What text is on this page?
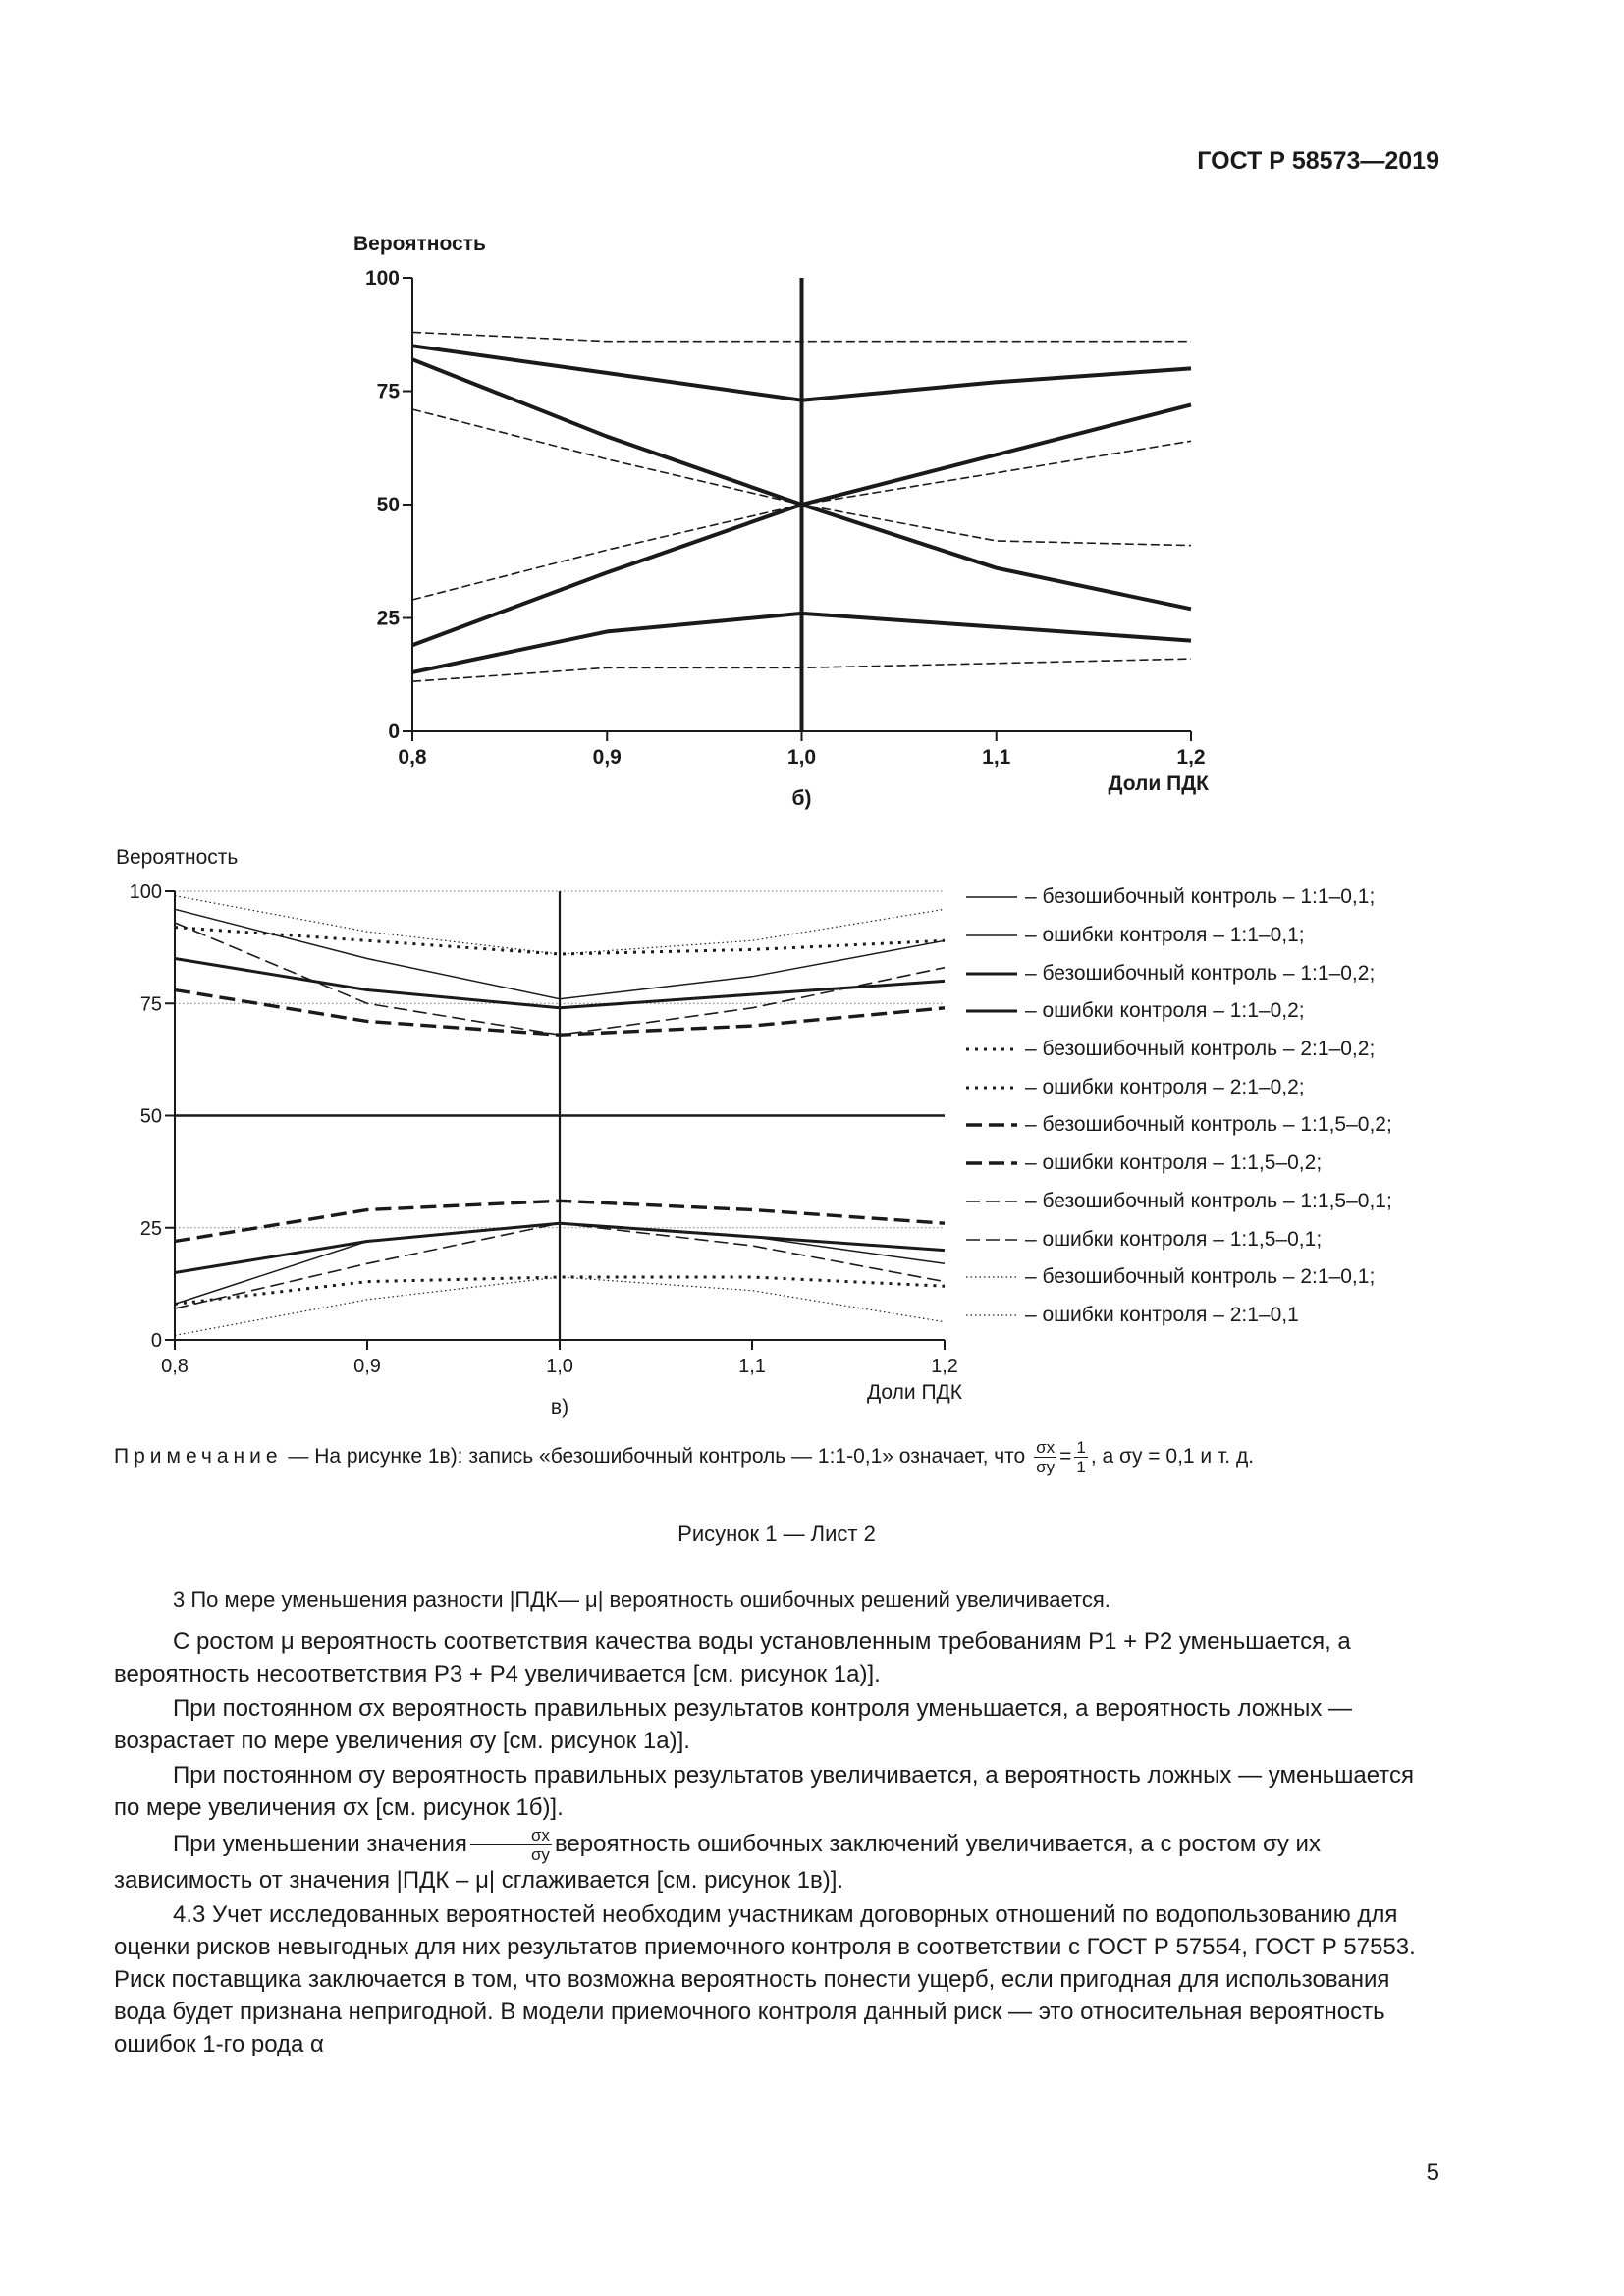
ГОСТ Р 58573—2019
0
25
50
75
100
0,8	0,9	1,0	1,1	1,2
Вероятность
Доли ПДК
б)
0
25
50
75
100
0,8	0,9	1,0	1,1	1,2
Вероятность
Доли ПДК
в)
– безошибочный контроль – 1:1–0,1;
– ошибки контроля – 1:1–0,1;
– безошибочный контроль – 1:1–0,2;
– ошибки контроля – 1:1–0,2;
– безошибочный контроль – 2:1–0,2;
– ошибки контроля – 2:1–0,2;
– безошибочный контроль – 1:1,5–0,2;
– ошибки контроля – 1:1,5–0,2;
– безошибочный контроль – 1:1,5–0,1;
– ошибки контроля – 1:1,5–0,1;
– безошибочный контроль – 2:1–0,1;
– ошибки контроля – 2:1–0,1
Примечание — На рисунке 1в): запись «безошибочный контроль — 1:1-0,1» означает, что $\frac{\sigma x}{\sigma y} = \frac{1}{1}$ , а σy = 0,1 и т. д.
Рисунок 1 — Лист 2

3 По мере уменьшения разности |ПДК— μ| вероятность ошибочных решений увеличивается.

С ростом μ вероятность соответствия качества воды установленным требованиям P1 + P2 уменьшается, а вероятность несоответствия P3 + P4 увеличивается [см. рисунок 1а)].

При постоянном σx вероятность правильных результатов контроля уменьшается, а вероятность ложных — возрастает по мере увеличения σy [см. рисунок 1а)].

При постоянном σy вероятность правильных результатов увеличивается, а вероятность ложных — уменьшается по мере увеличения σx [см. рисунок 1б)].

При уменьшении значения $\frac{\sigma x}{\sigma y}$ вероятность ошибочных заключений увеличивается, а с ростом σy их зависимость от значения |ПДК – μ| сглаживается [см. рисунок 1в)].

4.3 Учет исследованных вероятностей необходим участникам договорных отношений по водопользованию для оценки рисков невыгодных для них результатов приемочного контроля в соответствии с ГОСТ Р 57554, ГОСТ Р 57553. Риск поставщика заключается в том, что возможна вероятность понести ущерб, если пригодная для использования вода будет признана непригодной. В модели приемочного контроля данный риск — это относительная вероятность ошибок 1-го рода α

5
